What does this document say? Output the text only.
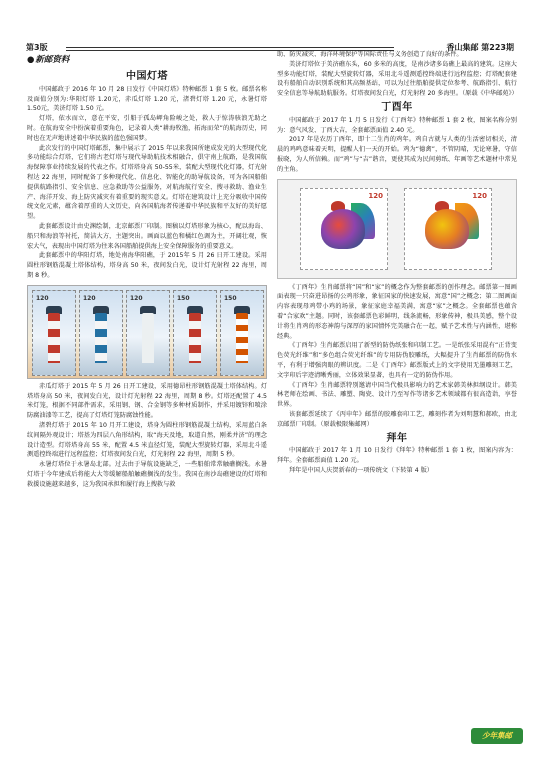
第3版	香山集邮 第223期
● 新邮资料
中国灯塔

中国邮政于 2016 年 10 月 28 日发行《中国灯塔》特种邮票 1 套 5 枚。邮票名称及面值分别为:华阳灯塔 1.20元，赤瓜灯塔 1.20 元，渚碧灯塔 1.20 元，永暑灯塔 1.50元，美济灯塔 1.50 元。

灯塔，依水而立，意在平安，引船于孤岛岬角险峻之处，救人于惊涛骇浪无助之时。在航海安全中扮演着重要角色，记录着人类“耕海牧渔，拓海而荣”的航海历史，同时也在无声地讲述着中华民族的蓝色强国梦。

此次发行的中国灯塔邮票，集中展示了 2015 年以来我国所建成发光的大型现代化多功能综合灯塔，它们将古老灯塔与现代导助航技术相融合，俱守南上航路，是我国航海保障事业持续发展的代表之作。灯塔塔身高 50-55米，装配大型现代化灯器，灯光射程达 22 海里，同时配备了多种现代化、信息化、智能化的助导航设备，可为各国船舶提供航路指引、安全信息、应急救助等公益服务，对航海航行安全、搜寻救助、渔业生产、海洋开发、海上防灾减灾有着重要的现实意义。灯塔在建筑设计上充分吸收中国传统文化元素，蕴含着厚重的人文历史，向各国航海者传递着中华民族和平友好的美好愿望。

此套邮票设计由史渊绘制，北京邮票厂印制。图稿以灯塔形象为核心，配以海岛、船只和海浪等衬托，简洁大方，主题突出。画面以蓝色和橘红色调为主，开阔壮观，恢宏大气，表现出中国灯塔为往来各国船舶提供海上安全保障服务的重要意义。

此套邮票中的华阳灯塔，地处南海华阳礁，于 2015年 5 月 26 日开工建设。采用圆柱形钢筋混凝土塔体结构，塔身高 50 米，夜间发白光，设计灯光射程 22 海里，周期 8 秒。

120	120	120	150	150

赤瓜灯塔于 2015 年 5 月 26 日开工建设，采用德昂柱形钢筋混凝土塔体结构。灯塔塔身高 50 米，夜间发白光，设计灯光射程 22 海里，周期 8 秒。灯塔还配置了 4.5米灯笼，根据不同部件需求，采用钢、钢、合金钢等多种材质制作，并采用镀锌和喷涂防腐油漆等工艺，提高了灯塔灯笼防腐蚀性能。

渚碧灯塔于 2015 年 10 月开工建设，塔身为圆柱形钢筋混凝土结构，采用蓝白条纹间隔外观设计；塔基为四层八角形结构，取“海天及地，取道自然，刚柔并济”的理念设计造型。灯塔塔身高 55 米，配置 4.5 米直径灯笼，装配大型旋转灯器，采用北斗遥测遥控终端进行远程监控；灯塔夜间发白光，灯光射程 22 海里，周期 5 秒。

永暑灯塔位于永暑岛北部。过去由于导航设施缺乏，一些船舶常常触礁搁浅。永暑灯塔于今年建成后将能大大等缓解船舶触礁搁浅的发生。我国在南沙岛礁建设的灯塔和救援设施越来越多，这为我国承担和履行海上搜救与救

助、防灾减灾、海洋环境保护等国际责任与义务创造了良好的条件。

美济灯塔位于美济礁东头，60 多米的高度，是南沙诸多岛礁上最高的建筑。这座大型多功能灯塔，装配大型旋转灯器，采用北斗遥测遥控终端进行远程监控；灯塔配套建设有船舶自动识别系统和其高频基站，可以为过往船舶提供定位参考、航路指引、航行安全信息等导航助航服务。灯塔夜间发白光，灯光射程 20 多海里。（原载《中华邮苑》）

丁酉年

中国邮政于 2017 年 1 月 5 日发行《丁酉年》特种邮票 1 套 2 枚，图案名称分别为：意气风发、丁酉大吉，全套邮票面值 2.40 元。

2017 年是农历丁酉年，即十二生肖的鸡年。鸡自古就与人类的生活密切相关，清晨的鸡鸣意味着天明，提醒人们一天的开始。鸡为“德禽”，不管阴晴，无论寒暑，守信报晓，为人所信赖。而“鸡”与“吉”谐音，更使其成为民间剪纸、年画等艺术题材中常见的主角。

120	120

《丁酉年》生肖邮票将“国”和“家”的概念作为整套邮票的创作理念。邮票第一图画面表现一只奋进昂扬的公鸡形象，象征国家的快速发展，寓意“国”之概念；第二图画面内容表现母鸡带小鸡的场景，象征家庭幸福美满，寓意“家”之概念。全套邮票也蕴含着“合家欢”主题。同时，该套邮票色彩鲜明，线条流畅，形象传神，极具美感，整个设计将生肖鸡的形态神韵与深厚的家国情怀完美融合在一起，赋予艺术性与内涵性，堪称经典。

《丁酉年》生肖邮票启用了新型的防伪纸张和印制工艺。一是纸张采用混有“正背变色荧光纤维”和“多色组合荧光纤维”的专用防伪胶雕纸，大幅提升了生肖邮票的防伪水平，有利于增强肉眼的辨识度。二是《丁酉年》邮票版式上的文字使用无墨雕刻工艺，文字印后字迹清晰秀丽，立体效果显著，也具有一定的防伪作用。

《丁酉年》生肖邮票特别邀请中国当代极具影响力的艺术家韩美林担纲设计。韩美林老师在绘画、书法、雕塑、陶瓷、设计乃至写作等诸多艺术领域都有很高造诣，享誉世界。

该套邮票延续了《丙申年》邮票的胶雕套印工艺，雕刻作者为刘明慧和郝欧，由北京邮票厂印制。（原载极限集邮网）

拜年

中国邮政于 2017 年 1 月 10 日发行《拜年》特种邮票 1 套 1 枚，图案内容为：拜年。全套邮票面值 1.20 元。

拜年是中国人庆贺新春的一项传统文（下转第 4 版）

少年集邮
